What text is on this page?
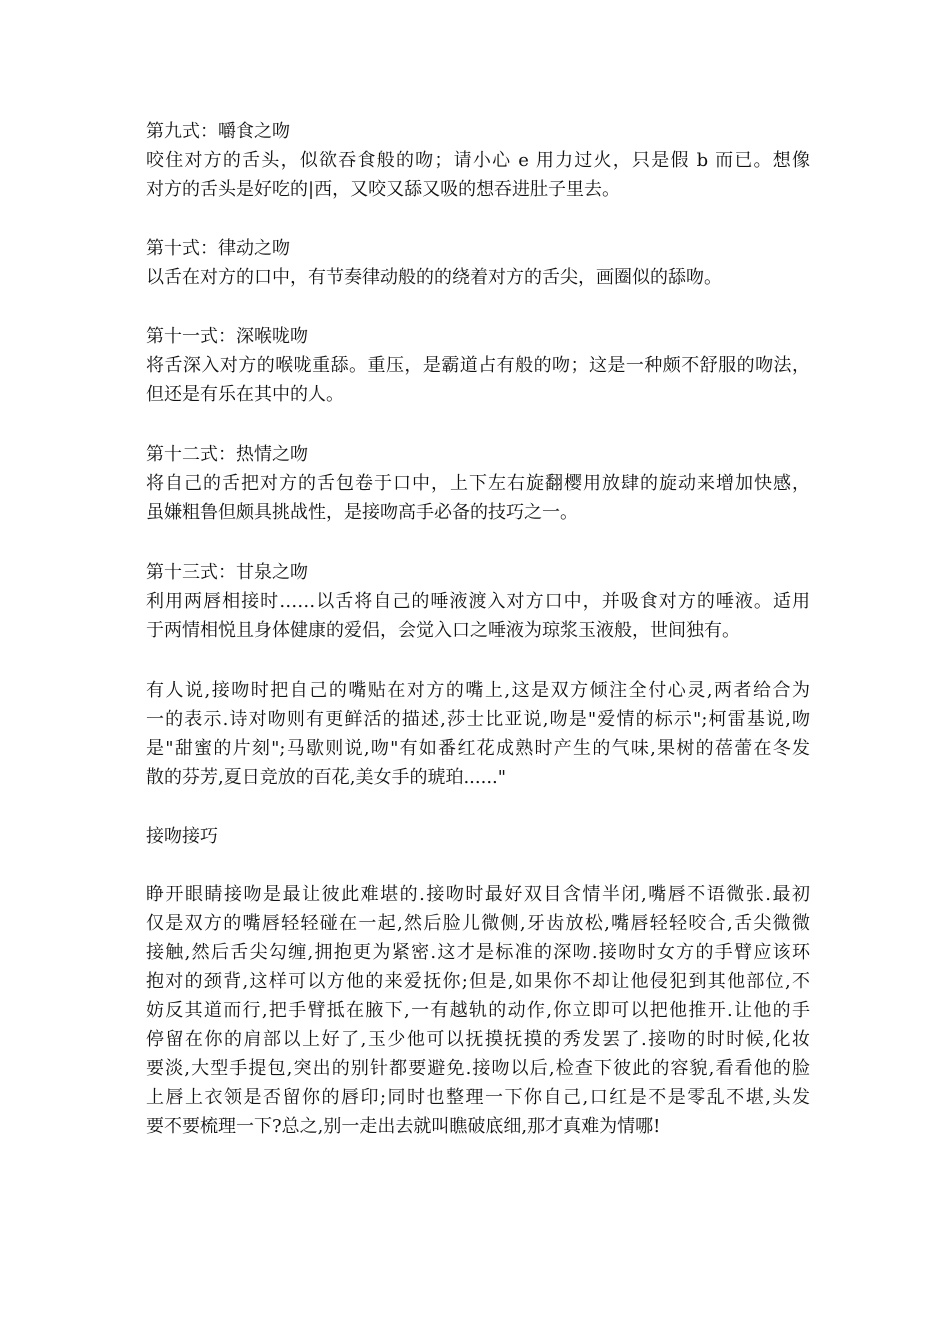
第九式：嚼食之吻
咬住对方的舌头，似欲吞食般的吻；请小心 e 用力过火，只是假 b 而已。想像
对方的舌头是好吃的|西，又咬又舔又吸的想吞进肚子里去。
第十式：律动之吻
以舌在对方的口中，有节奏律动般的的绕着对方的舌尖，画圈似的舔吻。
第十一式：深喉咙吻
将舌深入对方的喉咙重舔。重压，是霸道占有般的吻；这是一种颇不舒服的吻法，
但还是有乐在其中的人。
第十二式：热情之吻
将自己的舌把对方的舌包卷于口中，上下左右旋翻樱用放肆的旋动来增加快感，
虽嫌粗鲁但颇具挑战性，是接吻高手必备的技巧之一。
第十三式：甘泉之吻
利用两唇相接时……以舌将自己的唾液渡入对方口中，并吸食对方的唾液。适用
于两情相悦且身体健康的爱侣，会觉入口之唾液为琼浆玉液般，世间独有。
有人说,接吻时把自己的嘴贴在对方的嘴上,这是双方倾注全付心灵,两者给合为
一的表示.诗对吻则有更鲜活的描述,莎士比亚说,吻是"爱情的标示";柯雷基说,吻
是"甜蜜的片刻";马歇则说,吻"有如番红花成熟时产生的气味,果树的蓓蕾在冬发
散的芬芳,夏日竞放的百花,美女手的琥珀......"
接吻接巧
睁开眼睛接吻是最让彼此难堪的.接吻时最好双目含情半闭,嘴唇不语微张.最初
仅是双方的嘴唇轻轻碰在一起,然后脸儿微侧,牙齿放松,嘴唇轻轻咬合,舌尖微微
接触,然后舌尖勾缠,拥抱更为紧密.这才是标准的深吻.接吻时女方的手臂应该环
抱对的颈背,这样可以方他的来爱抚你;但是,如果你不却让他侵犯到其他部位,不
妨反其道而行,把手臂抵在腋下,一有越轨的动作,你立即可以把他推开.让他的手
停留在你的肩部以上好了,玉少他可以抚摸抚摸的秀发罢了.接吻的时时候,化妆
要淡,大型手提包,突出的别针都要避免.接吻以后,检查下彼此的容貌,看看他的脸
上唇上衣领是否留你的唇印;同时也整理一下你自己,口红是不是零乱不堪,头发
要不要梳理一下?总之,别一走出去就叫瞧破底细,那才真难为情哪!
